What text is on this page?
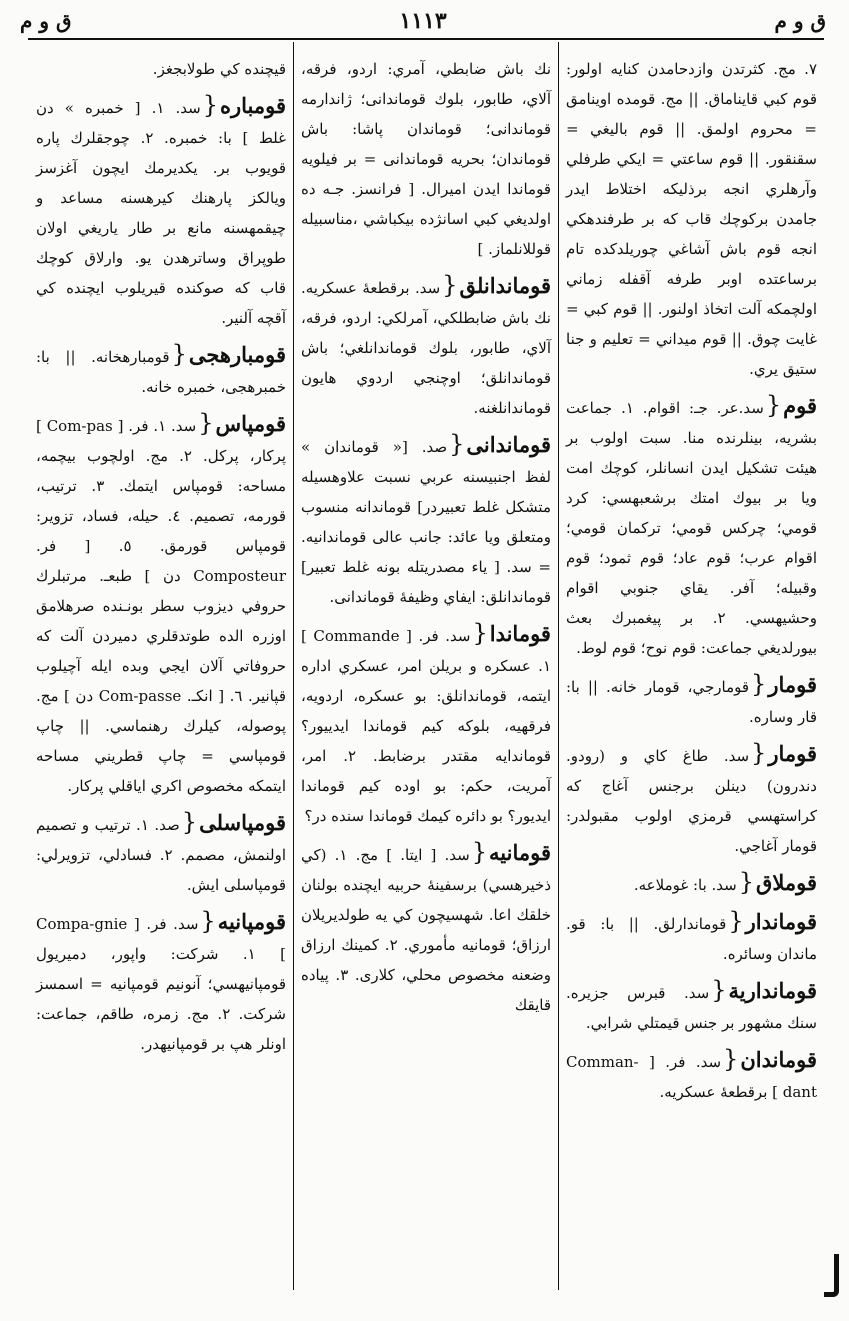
ق و م
١١١٣
ق و م
٧. مج. كثرتدن وازدحامدن كنايه اولور: قوم كبي قايناماق. || مج. قومده اوينامق = محروم اولمق. || قوم باليغي = سقنقور. || قوم ساعتي = ايكي طرفلي وآرهلري انجه برذليكه اختلاط ايدر جامدن بركوچك قاب كه بر طرفندهكي انجه قوم باش آشاغي چوريلدكده تام برساعتده اوبر طرفه آقفله زماني اولچمكه آلت اتخاذ اولنور. || قوم كبي = غايت چوق. || قوم ميداني = تعليم و جنا ستيق يري.
قوم{سد.عر. جـ: اقوام. ١. جماعت بشريه، بينلرنده منا. سبت اولوب بر هيئت تشكيل ايدن انسانلر، كوچك امت ويا بر بيوك امتك برشعبهسي: كرد قومي؛ چركس قومي؛ تركمان قومي؛ اقوام عرب؛ قوم عاد؛ قوم ثمود؛ قوم وقبيله؛ آفر. يقاي جنوبي اقوام وحشيهسي. ٢. بر پيغمبرك بعث بيورلديغي جماعت: قوم نوح؛ قوم لوط.
قومار{قومارجي، قومار خانه. || با: قار وساره.
قومار{سد. طاغ كاي و (رودو. دندرون) دينلن برجنس آغاج كه كراستهسي قرمزي اولوب مقبولدر: قومار آغاجي.
قوملاق{سد. با: غوملاعه.
قوماندار{قوماندارلق. || با: قو. ماندان وسائره.
قوماندارية{سد. قبرس جزيره. سنك مشهور بر جنس قيمتلي شرابي.
قوماندان{سد. فر. [ Comman-dant ] برقطعهٔ عسكريه.
نك باش ضابطي، آمري: اردو، فرقه، آلاي، طابور، بلوك قوماندانى؛ ژاندارمه قوماندانى؛ قوماندان پاشا: باش قوماندان؛ بحريه قوماندانى = بر فيلويه قوماندا ايدن اميرال. [ فرانسز. جـه ده اولديغي كبي اسانژده بيكباشي ،مناسبيله قوللانلماز. ]
قوماندانلق{سد. برقطعهٔ عسكريه. نك باش ضابطلكي، آمرلكي: اردو، فرقه، آلاي، طابور، بلوك قوماندانلغي؛ باش قوماندانلق؛ اوچنجي اردوي هايون قوماندانلغنه.
قوماندانى{صد. [« قوماندان » لفظ اجنبيسنه عربي نسبت علاوهسيله متشكل غلط تعبيردر] قوماندانه منسوب ومتعلق ويا عائد: جانب عالى قوماندانيه. = سد. [ ياء مصدريتله بونه غلط تعبير] قوماندانلق: ايفاي وظيفهٔ قوماندانى.
قوماندا{سد. فر. [ Commande ] ١. عسكره و بريلن امر، عسكري اداره ايتمه، قوماندانلق: بو عسكره، اردويه، فرقهيه، بلوكه كيم قوماندا ايدييور؟ قوماندايه مقتدر برضابط. ٢. امر، آمريت، حكم: بو اوده كيم قوماندا ايديور؟ بو دائره كيمك قوماندا سنده در؟
قومانيه{سد. [ ايتا. ] مج. ١. (كي ذخيرهسي) برسفينهٔ حربيه ايچنده بولنان خلقك اعا. شهسيچون كي يه طولديريلان ارزاق؛ قومانيه مأموري. ٢. كمينك ارزاق وضعنه مخصوص محلي، كلارى. ٣. پياده قايقك
قيچنده كي طولابجغز.
قومباره{سد. ١. [ خمبره » دن غلط ] با: خمبره. ٢. چوجقلرك پاره قويوب بر. يكديرمك ايچون آغزسز ويالكز پارهنك كيرهسنه مساعد و چيقمهسنه مانع بر طار ياريغي اولان طوپراق وساترهدن يو. وارلاق كوچك قاب كه صوكنده قيريلوب ايچنده كي آقچه آلنير.
قومبارهجى{قومبارهخانه. || با: خمبرهجى، خمبره خانه.
قومپاس{سد. ١. فر. [ Com-pas ] پركار، پركل. ٢. مج. اولچوب بيچمه، مساحه: قومپاس ايتمك. ٣. ترتيب، قورمه، تصميم. ٤. حيله، فساد، تزوير: قومپاس قورمق. ٥. [ فر. Composteur دن ] طبعـ. مرتبلرك حروفي ديزوب سطر بونـنده صرهلامق اوزره الده طوتدقلري دميردن آلت كه حروفاتي آلان ايجي وبده ايله آچيلوب قپانير. ٦. [ انكـ. Com-passe دن ] مج. پوصوله، كيلرك رهنماسي. || چاپ قومپاسي = چاپ قطريني مساحه ايتمكه مخصوص اكري اياقلي پركار.
قومپاسلى{صد. ١. ترتيب و تصميم اولنمش، مصمم. ٢. فسادلي، تزويرلي: قومپاسلى ايش.
قومپانيه{سد. فر. [ Compa-gnie ] ١. شركت: واپور، دميريول قومپانيهسي؛ آنونيم قومپانيه = اسمسز شركت. ٢. مج. زمره، طاقم، جماعت: اونلر هپ بر قومپانيهدر.
